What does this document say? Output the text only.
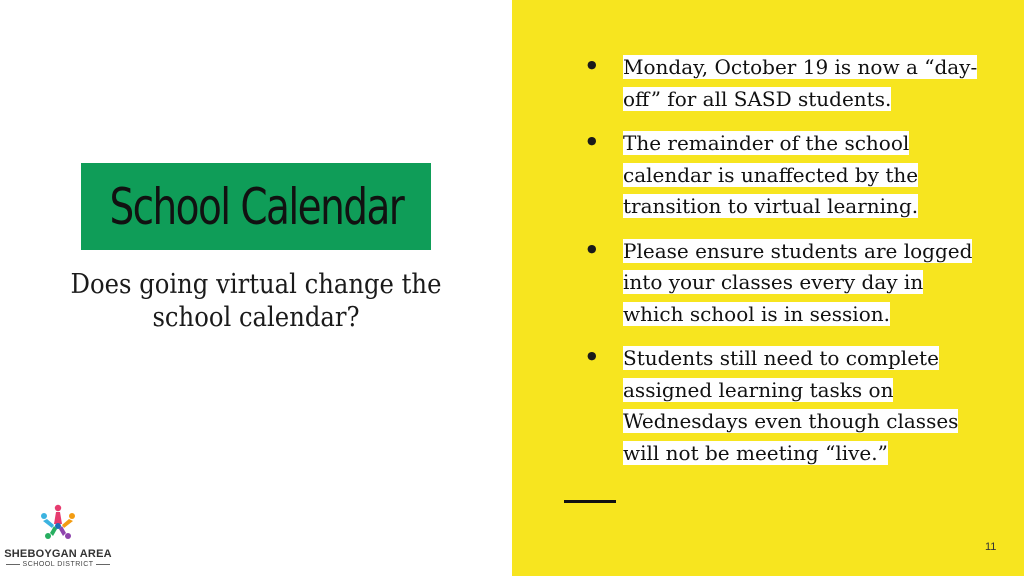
School Calendar
Does going virtual change the school calendar?
SHEBOYGAN AREA
SCHOOL DISTRICT
● Monday, October 19 is now a “day-
off” for all SASD students.
● The remainder of the school
calendar is unaffected by the
transition to virtual learning.
● Please ensure students are logged
into your classes every day in
which school is in session.
● Students still need to complete
assigned learning tasks on
Wednesdays even though classes
will not be meeting “live.”
11
